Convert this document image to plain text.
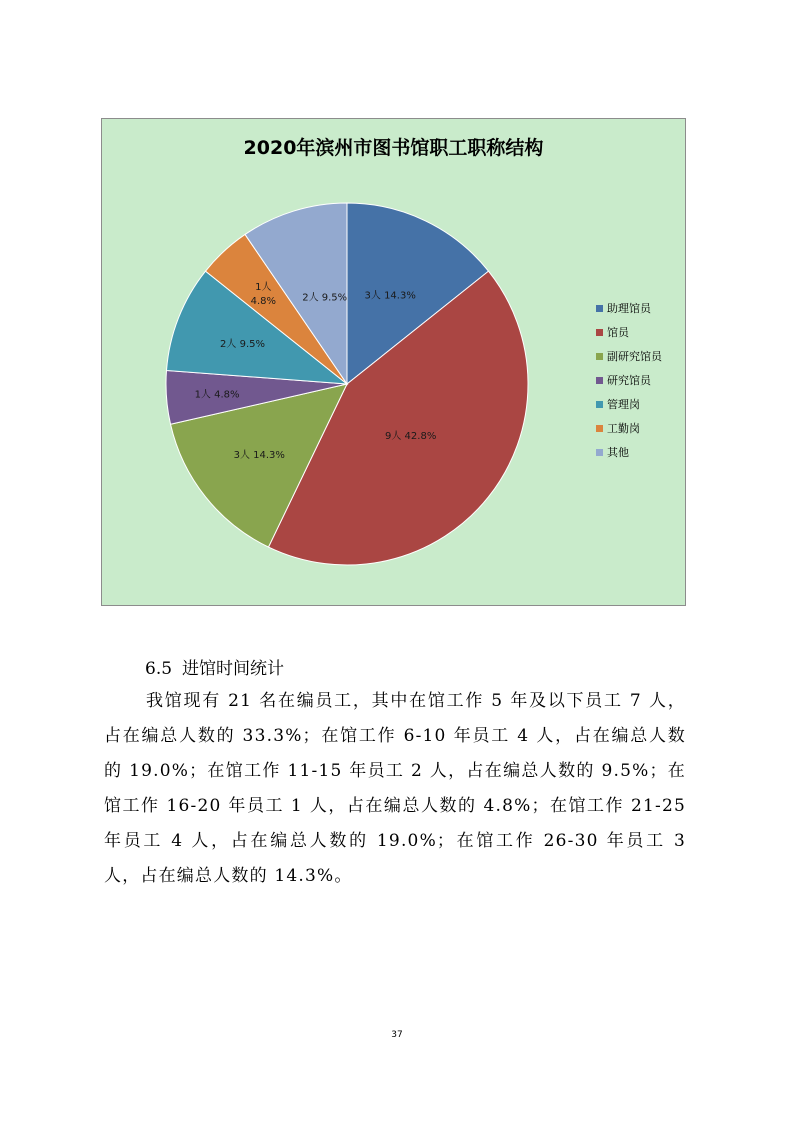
2020年滨州市图书馆职工职称结构
3人 14.3%
9人 42.8%
3人 14.3%
1人 4.8%
2人 9.5%
1人 4.8%	2人 9.5%
助理馆员
馆员
副研究馆员
研究馆员
管理岗
工勤岗
其他
6.5 进馆时间统计
我馆现有 21 名在编员工，其中在馆工作 5 年及以下员工 7 人，占在编总人数的 33.3%；在馆工作 6-10 年员工 4 人，占在编总人数的 19.0%；在馆工作 11-15 年员工 2 人，占在编总人数的 9.5%；在馆工作 16-20 年员工 1 人，占在编总人数的 4.8%；在馆工作 21-25 年员工 4 人，占在编总人数的 19.0%；在馆工作 26-30 年员工 3 人，占在编总人数的 14.3%。
37
